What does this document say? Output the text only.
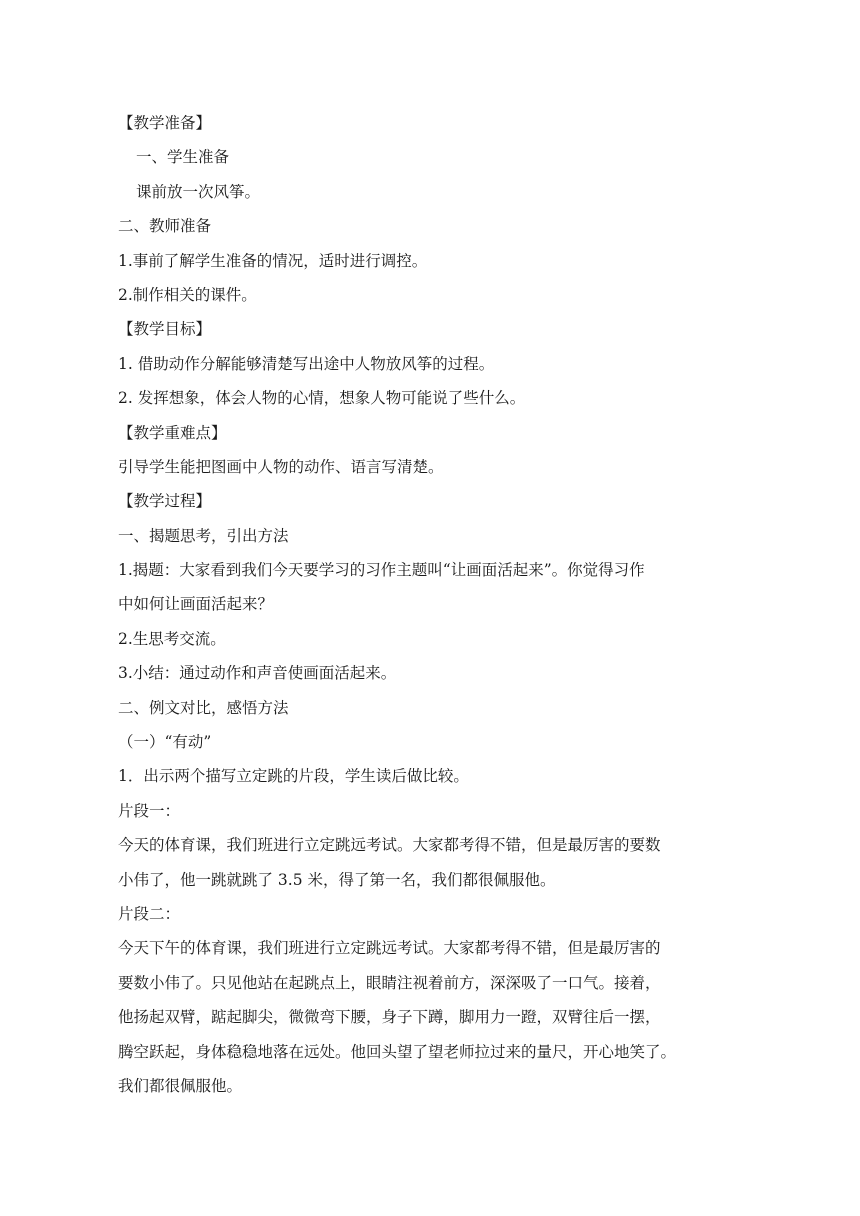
【教学准备】
一、学生准备
课前放一次风筝。
二、教师准备
1.事前了解学生准备的情况，适时进行调控。
2.制作相关的课件。
【教学目标】
1. 借助动作分解能够清楚写出途中人物放风筝的过程。
2. 发挥想象，体会人物的心情，想象人物可能说了些什么。
【教学重难点】
引导学生能把图画中人物的动作、语言写清楚。
【教学过程】
一、揭题思考，引出方法
1.揭题：大家看到我们今天要学习的习作主题叫“让画面活起来”。你觉得习作
中如何让画面活起来？
2.生思考交流。
3.小结：通过动作和声音使画面活起来。
二、例文对比，感悟方法
（一）“有动”
1．出示两个描写立定跳的片段，学生读后做比较。
片段一：
今天的体育课，我们班进行立定跳远考试。大家都考得不错，但是最厉害的要数
小伟了，他一跳就跳了 3.5 米，得了第一名，我们都很佩服他。
片段二：
今天下午的体育课，我们班进行立定跳远考试。大家都考得不错，但是最厉害的
要数小伟了。只见他站在起跳点上，眼睛注视着前方，深深吸了一口气。接着，
他扬起双臂，踮起脚尖，微微弯下腰，身子下蹲，脚用力一蹬，双臂往后一摆，
腾空跃起，身体稳稳地落在远处。他回头望了望老师拉过来的量尺，开心地笑了。
我们都很佩服他。
